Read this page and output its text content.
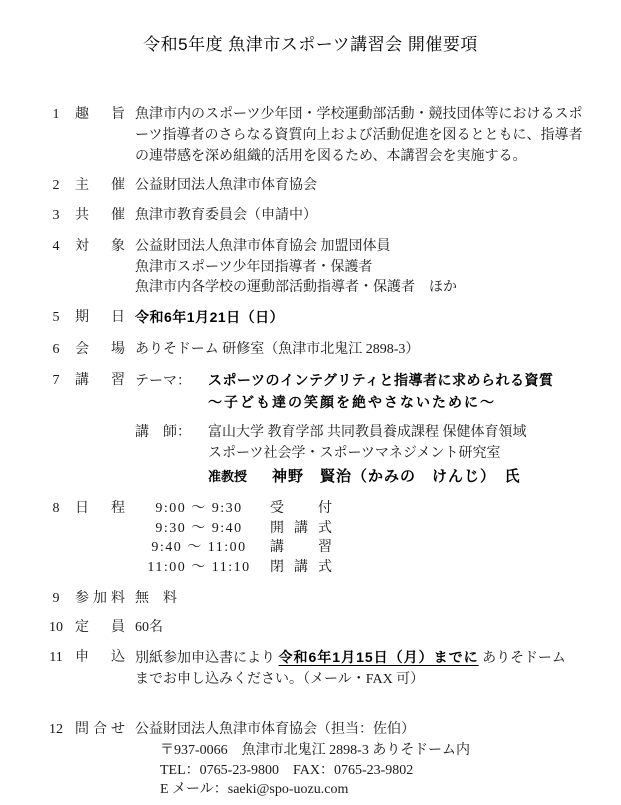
令和5年度 魚津市スポーツ講習会 開催要項
1	趣 旨 魚津市内のスポーツ少年団・学校運動部活動・競技団体等におけるスポ
ーツ指導者のさらなる資質向上および活動促進を図るとともに、指導者
の連帯感を深め組織的活用を図るため、本講習会を実施する。
2	主 催 公益財団法人魚津市体育協会
3	共 催 魚津市教育委員会（申請中）
4	対 象 公益財団法人魚津市体育協会 加盟団体員
魚津市スポーツ少年団指導者・保護者
魚津市内各学校の運動部活動指導者・保護者　ほか
5	期 日 令和6年1月21日（日）
6	会 場 ありそドーム 研修室（魚津市北鬼江 2898-3）
7	講 習 テーマ： スポーツのインテグリティと指導者に求められる資質
～子ども達の笑顔を絶やさないために～
講　師： 富山大学 教育学部 共同教員養成課程 保健体育領域
スポーツ社会学・スポーツマネジメント研究室
准教授 神野　賢治（かみの　けんじ）　氏
8	日 程	9:00 ～ 9:30	受 付
9:30 ～ 9:40	開 講 式
9:40 ～ 11:00	講 習
11:00 ～ 11:10	閉 講 式
9	参 加 料 無　料
10 定 員 60名
11 申 込 別紙参加申込書により 令和6年1月15日（月）までに ありそドーム
までお申し込みください。（メール・FAX 可）
12 問 合 せ 公益財団法人魚津市体育協会（担当：佐伯）
〒937-0066　魚津市北鬼江 2898-3 ありそドーム内
TEL：0765-23-9800　FAX：0765-23-9802
E メール：saeki@spo-uozu.com
